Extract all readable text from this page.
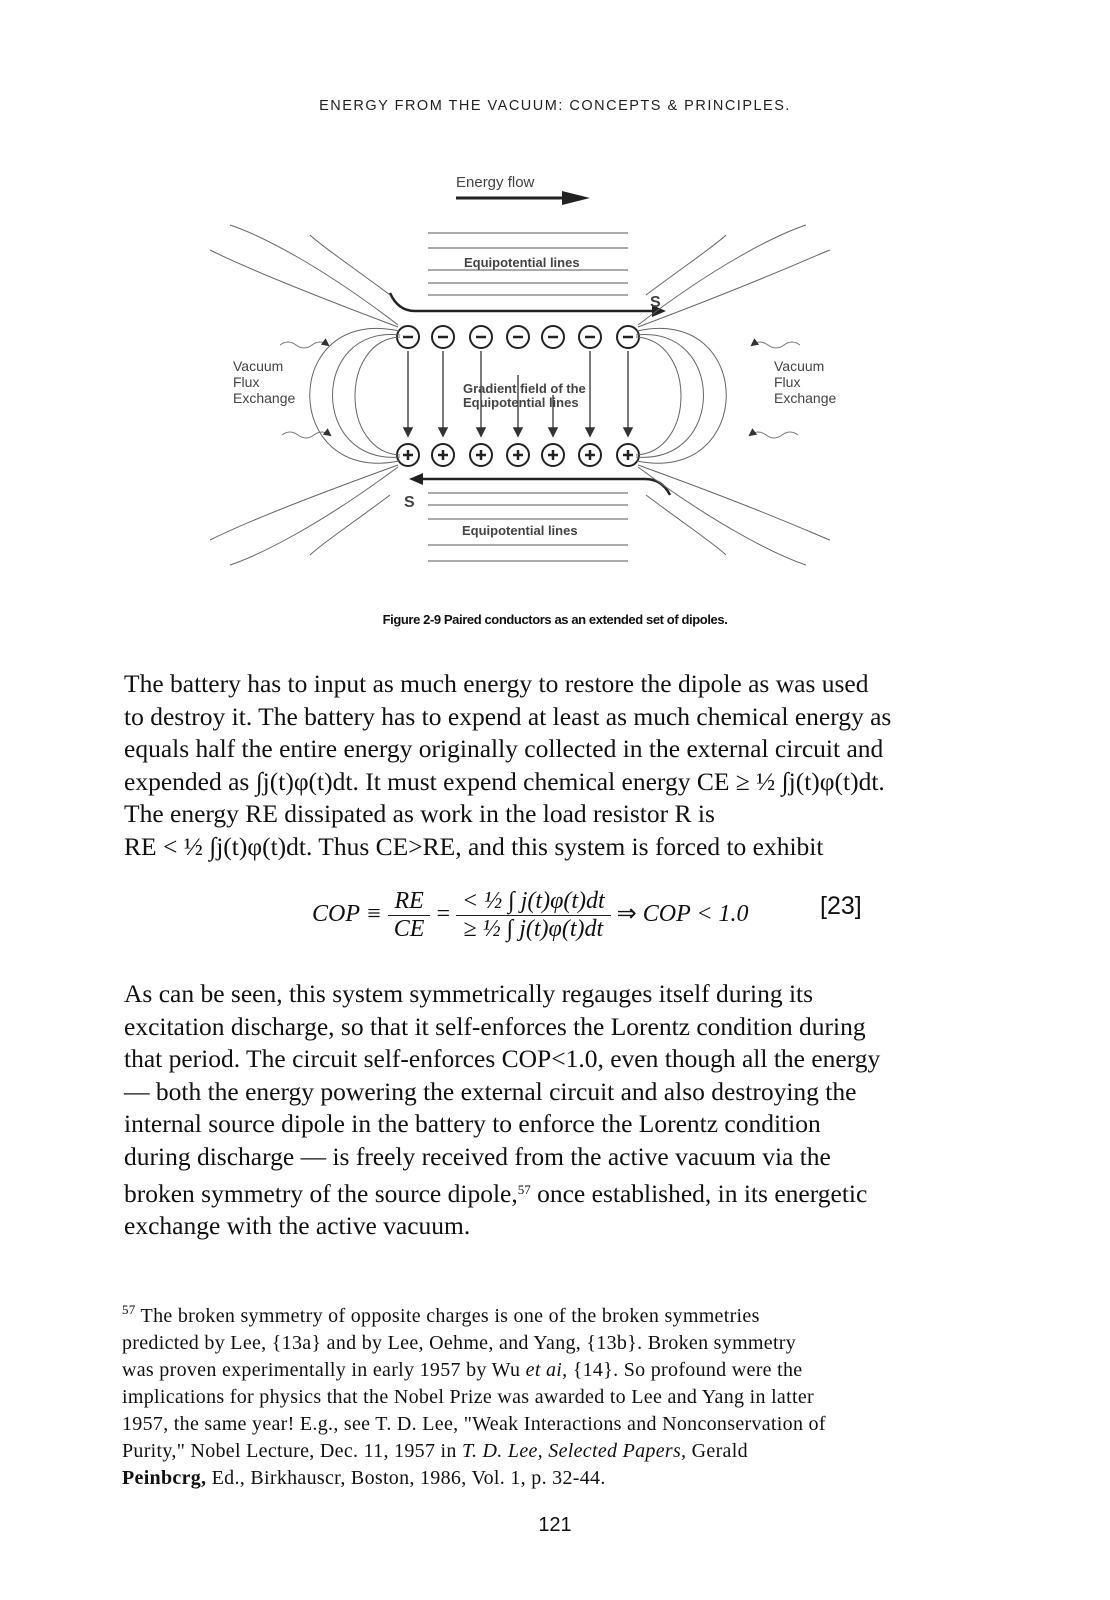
ENERGY FROM THE VACUUM: CONCEPTS & PRINCIPLES.
Energy flow
Equipotential lines
S
Gradient field of the
Equipotential lines
S
Equipotential lines
Vacuum
Flux
Exchange
Vacuum
Flux
Exchange
Figure 2-9 Paired conductors as an extended set of dipoles.
The battery has to input as much energy to restore the dipole as was used
to destroy it. The battery has to expend at least as much chemical energy as
equals half the entire energy originally collected in the external circuit and
expended as ∫j(t)φ(t)dt. It must expend chemical energy CE ≥ ½ ∫j(t)φ(t)dt.
The energy RE dissipated as work in the load resistor R is
RE < ½ ∫j(t)φ(t)dt. Thus CE>RE, and this system is forced to exhibit
COP ≡ $\frac{RE}{CE} = \frac{\text{< ½ ∫ j(t)φ(t)dt}}{\text{≥ ½ ∫ j(t)φ(t)dt}}$ ⇒ COP < 1.0	[23]
As can be seen, this system symmetrically regauges itself during its
excitation discharge, so that it self-enforces the Lorentz condition during
that period. The circuit self-enforces COP<1.0, even though all the energy
— both the energy powering the external circuit and also destroying the
internal source dipole in the battery to enforce the Lorentz condition
during discharge — is freely received from the active vacuum via the
broken symmetry of the source dipole,$^{57}$ once established, in its energetic
exchange with the active vacuum.
$^{57}$ The broken symmetry of opposite charges is one of the broken symmetries
predicted by Lee, {13a} and by Lee, Oehme, and Yang, {13b}. Broken symmetry
was proven experimentally in early 1957 by Wu et ai, {14}. So profound were the
implications for physics that the Nobel Prize was awarded to Lee and Yang in latter
1957, the same year! E.g., see T. D. Lee, "Weak Interactions and Nonconservation of
Purity," Nobel Lecture, Dec. 11, 1957 in T. D. Lee, Selected Papers, Gerald
Peinbcrg, Ed., Birkhauscr, Boston, 1986, Vol. 1, p. 32-44.
121
